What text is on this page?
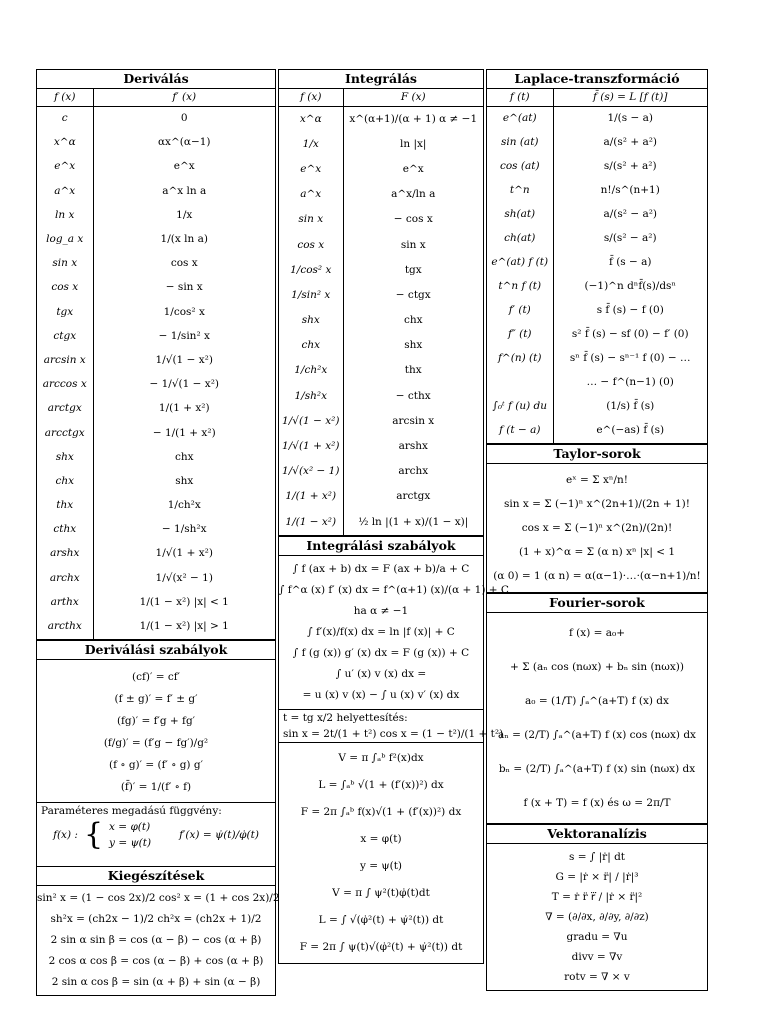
Deriválás
f (x)	f′ (x)
c	0
x^α	αx^(α−1)
e^x	e^x
a^x	a^x ln a
ln x	1/x
log_a x	1/(x ln a)
sin x	cos x
cos x	− sin x
tgx	1/cos² x
ctgx	− 1/sin² x
arcsin x	1/√(1 − x²)
arccos x	− 1/√(1 − x²)
arctgx	1/(1 + x²)
arcctgx	− 1/(1 + x²)
shx	chx
chx	shx
thx	1/ch²x
cthx	− 1/sh²x
arshx	1/√(1 + x²)
archx	1/√(x² − 1)
arthx	1/(1 − x²) |x| < 1
arcthx	1/(1 − x²) |x| > 1
Deriválási szabályok
(cf)′ = cf′
(f ± g)′ = f′ ± g′
(fg)′ = f′g + fg′
(f/g)′ = (f′g − fg′)/g²
(f ∘ g)′ = (f′ ∘ g) g′
(f̄)′ = 1/(f′ ∘ f)
Paraméteres megadású függvény:
f(x) : { x = φ(t)
y = ψ(t)
f′(x) = ψ̇(t)/φ̇(t)
Kiegészítések
sin² x = (1 − cos 2x)/2 cos² x = (1 + cos 2x)/2
sh²x = (ch2x − 1)/2 ch²x = (ch2x + 1)/2
2 sin α sin β = cos (α − β) − cos (α + β)
2 cos α cos β = cos (α − β) + cos (α + β)
2 sin α cos β = sin (α + β) + sin (α − β)
Integrálás
f (x)	F (x)
x^α	x^(α+1)/(α + 1) α ≠ −1
1/x	ln |x|
e^x	e^x
a^x	a^x/ln a
sin x	− cos x
cos x	sin x
1/cos² x	tgx
1/sin² x	− ctgx
shx	chx
chx	shx
1/ch²x	thx
1/sh²x	− cthx
1/√(1 − x²)	arcsin x
1/√(1 + x²)	arshx
1/√(x² − 1)	archx
1/(1 + x²)	arctgx
1/(1 − x²)	½ ln |(1 + x)/(1 − x)|
Integrálási szabályok
∫ f (ax + b) dx = F (ax + b)/a + C
∫ f^α (x) f′ (x) dx = f^(α+1) (x)/(α + 1) + C
ha α ≠ −1
∫ f′(x)/f(x) dx = ln |f (x)| + C
∫ f (g (x)) g′ (x) dx = F (g (x)) + C
∫ u′ (x) v (x) dx =
= u (x) v (x) − ∫ u (x) v′ (x) dx
t = tg x/2 helyettesítés:
sin x = 2t/(1 + t²) cos x = (1 − t²)/(1 + t²)
V = π ∫ₐᵇ f²(x)dx
L = ∫ₐᵇ √(1 + (f′(x))²) dx
F = 2π ∫ₐᵇ f(x)√(1 + (f′(x))²) dx
x = φ(t)
y = ψ(t)
V = π ∫ ψ²(t)φ̇(t)dt
L = ∫ √(φ̇²(t) + ψ̇²(t)) dt
F = 2π ∫ ψ(t)√(φ̇²(t) + ψ̇²(t)) dt
Laplace-transzformáció
f (t)	f̄ (s) = L [f (t)]
e^(at)	1/(s − a)
sin (at)	a/(s² + a²)
cos (at)	s/(s² + a²)
t^n	n!/s^(n+1)
sh(at)	a/(s² − a²)
ch(at)	s/(s² − a²)
e^(at) f (t)	f̄ (s − a)
t^n f (t)	(−1)^n dⁿf̄(s)/dsⁿ
f′ (t)	s f̄ (s) − f (0)
f″ (t)	s² f̄ (s) − sf (0) − f′ (0)
f^(n) (t)	sⁿ f̄ (s) − sⁿ⁻¹ f (0) − …
	… − f^(n−1) (0)
∫₀ᵗ f (u) du	(1/s) f̄ (s)
f (t − a)	e^(−as) f̄ (s)
Taylor-sorok
eˣ = Σ xⁿ/n!
sin x = Σ (−1)ⁿ x^(2n+1)/(2n + 1)!
cos x = Σ (−1)ⁿ x^(2n)/(2n)!
(1 + x)^α = Σ (α n) xⁿ |x| < 1
(α 0) = 1 (α n) = α(α−1)·…·(α−n+1)/n!
Fourier-sorok
f (x) = a₀+
+ Σ (aₙ cos (nωx) + bₙ sin (nωx))
a₀ = (1/T) ∫ₐ^(a+T) f (x) dx
aₙ = (2/T) ∫ₐ^(a+T) f (x) cos (nωx) dx
bₙ = (2/T) ∫ₐ^(a+T) f (x) sin (nωx) dx
f (x + T) = f (x) és ω = 2π/T
Vektoranalízis
s = ∫ |ṙ| dt
G = |ṙ × r̈| / |ṙ|³
T = ṙ r̈ r⃛ / |ṙ × r̈|²
∇ = (∂/∂x, ∂/∂y, ∂/∂z)
gradu = ∇u
divv = ∇v
rotv = ∇ × v
